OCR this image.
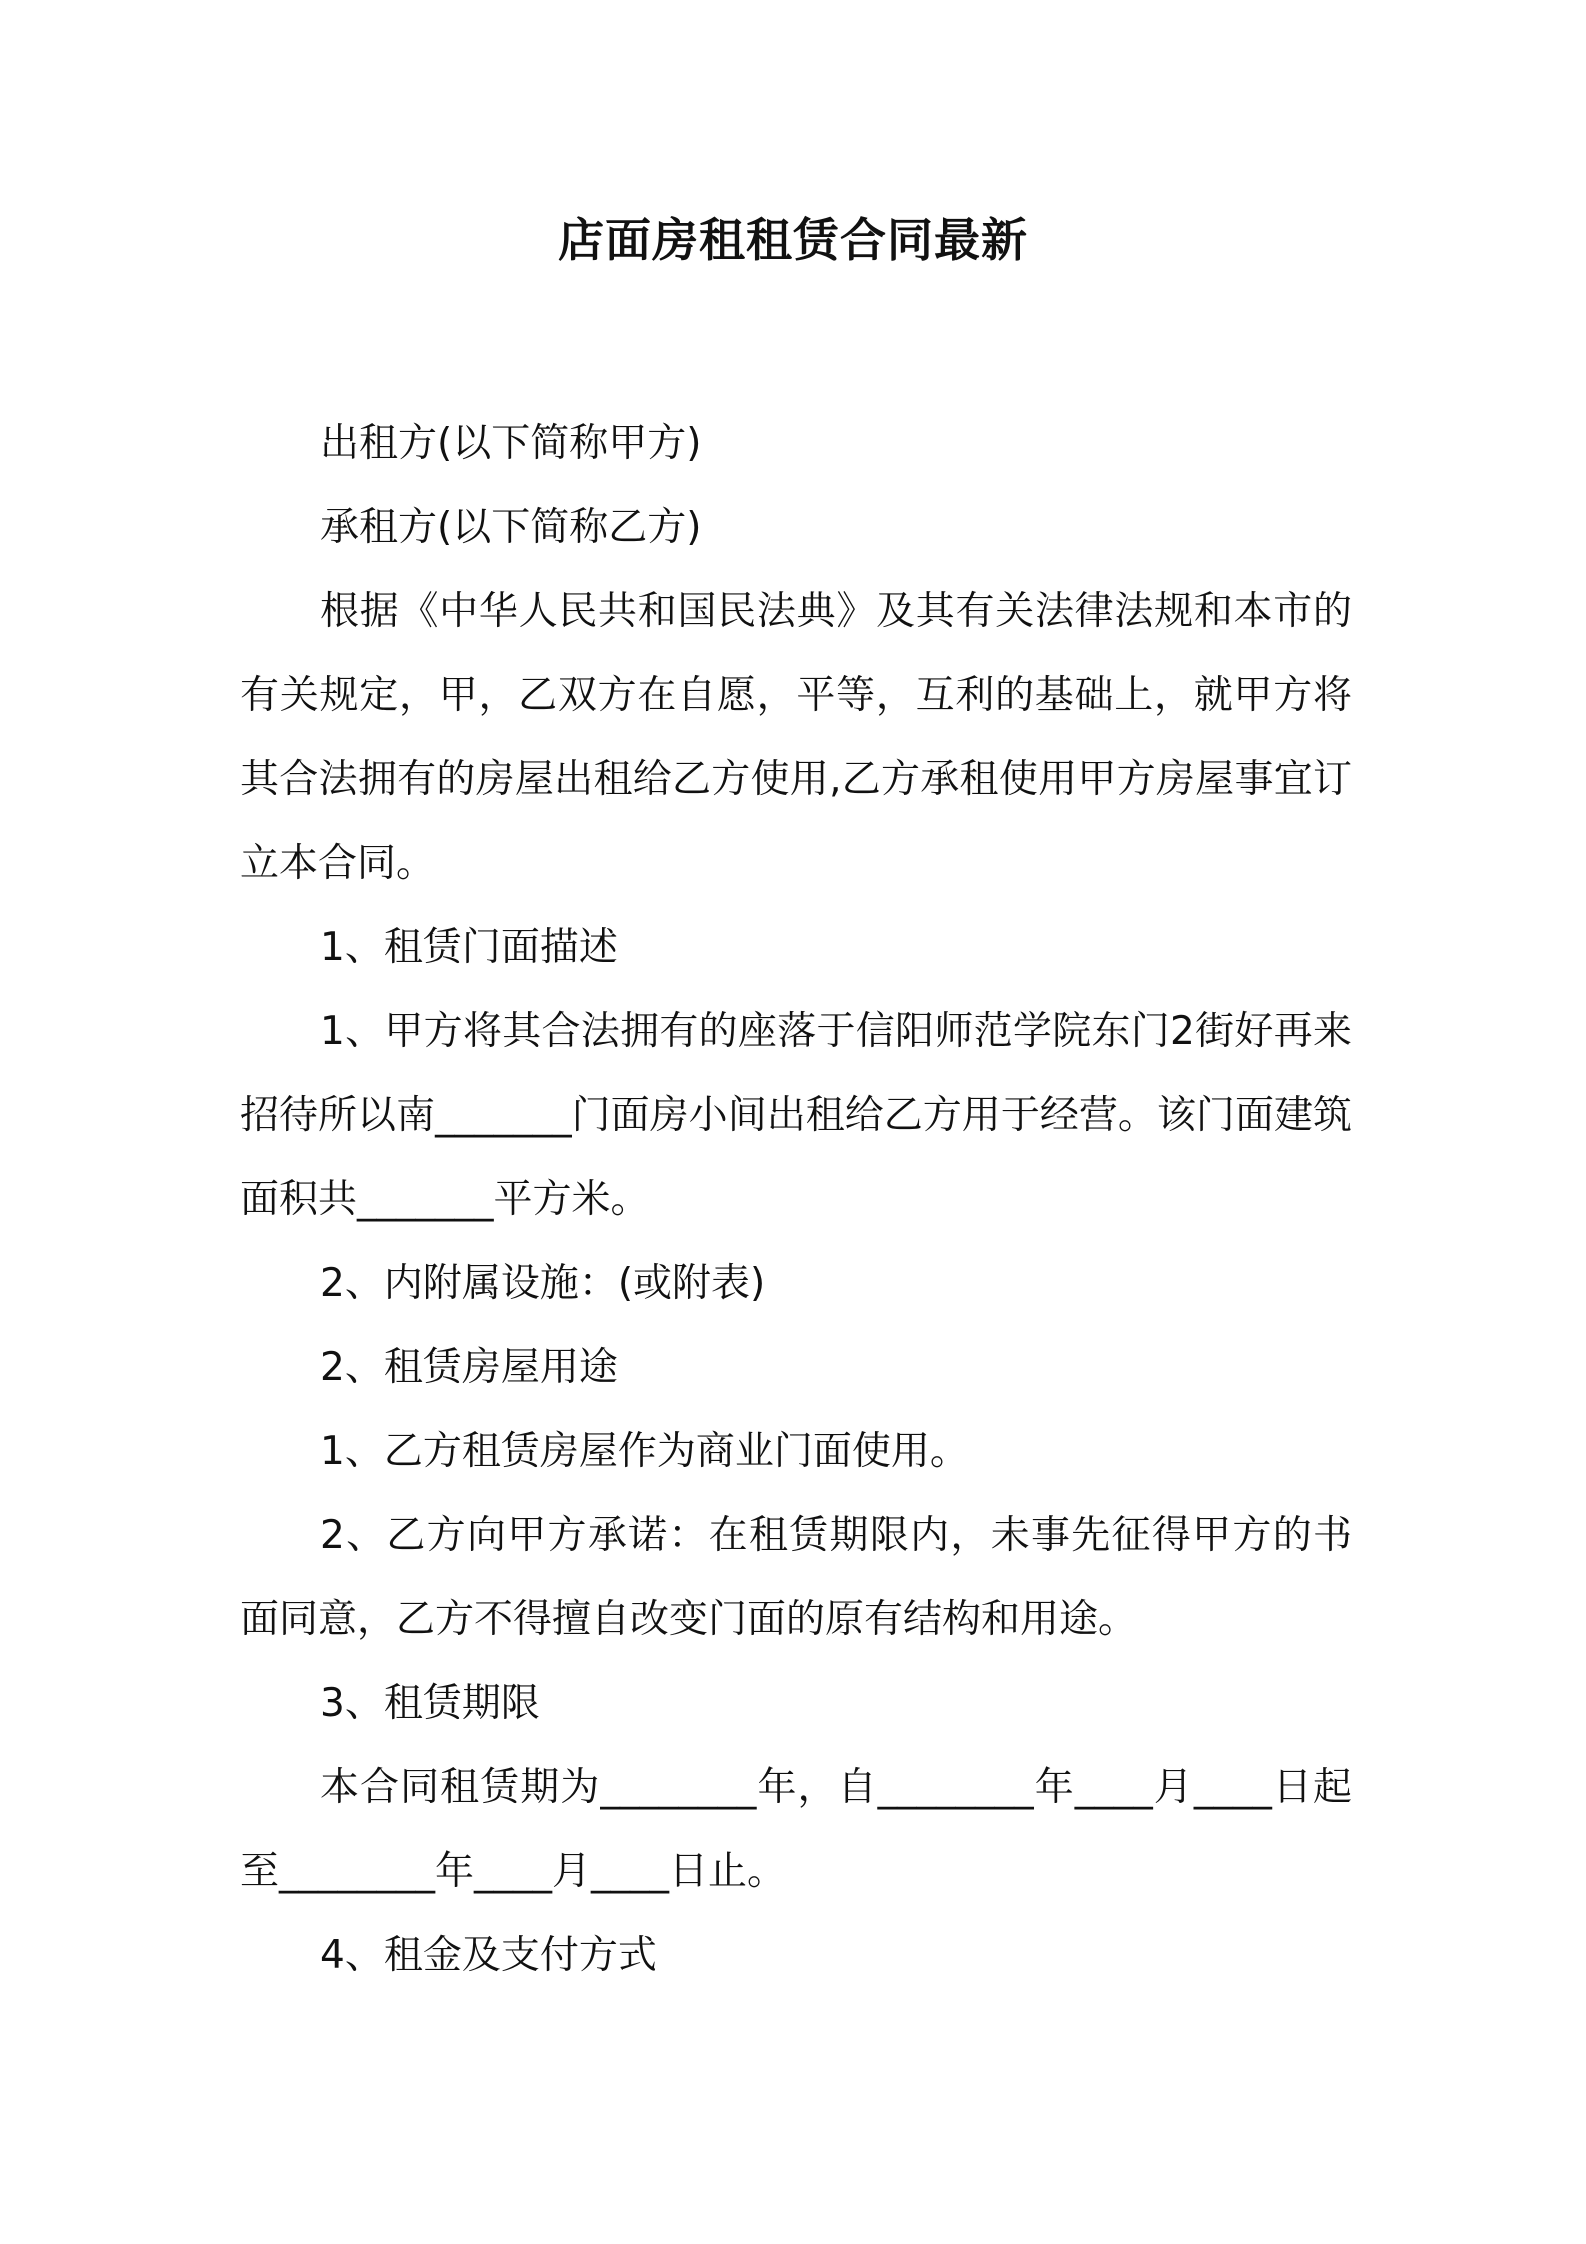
店面房租租赁合同最新

出租方(以下简称甲方)

承租方(以下简称乙方)

根据《中华人民共和国民法典》及其有关法律法规和本市的有关规定，甲，乙双方在自愿，平等，互利的基础上，就甲方将其合法拥有的房屋出租给乙方使用,乙方承租使用甲方房屋事宜订立本合同。

1、租赁门面描述

1、甲方将其合法拥有的座落于信阳师范学院东门2街好再来招待所以南_______门面房小间出租给乙方用于经营。该门面建筑面积共_______平方米。

2、内附属设施：(或附表)

2、租赁房屋用途

1、乙方租赁房屋作为商业门面使用。

2、乙方向甲方承诺：在租赁期限内，未事先征得甲方的书面同意，乙方不得擅自改变门面的原有结构和用途。

3、租赁期限

本合同租赁期为________年，自________年____月____日起至________年____月____日止。

4、租金及支付方式
